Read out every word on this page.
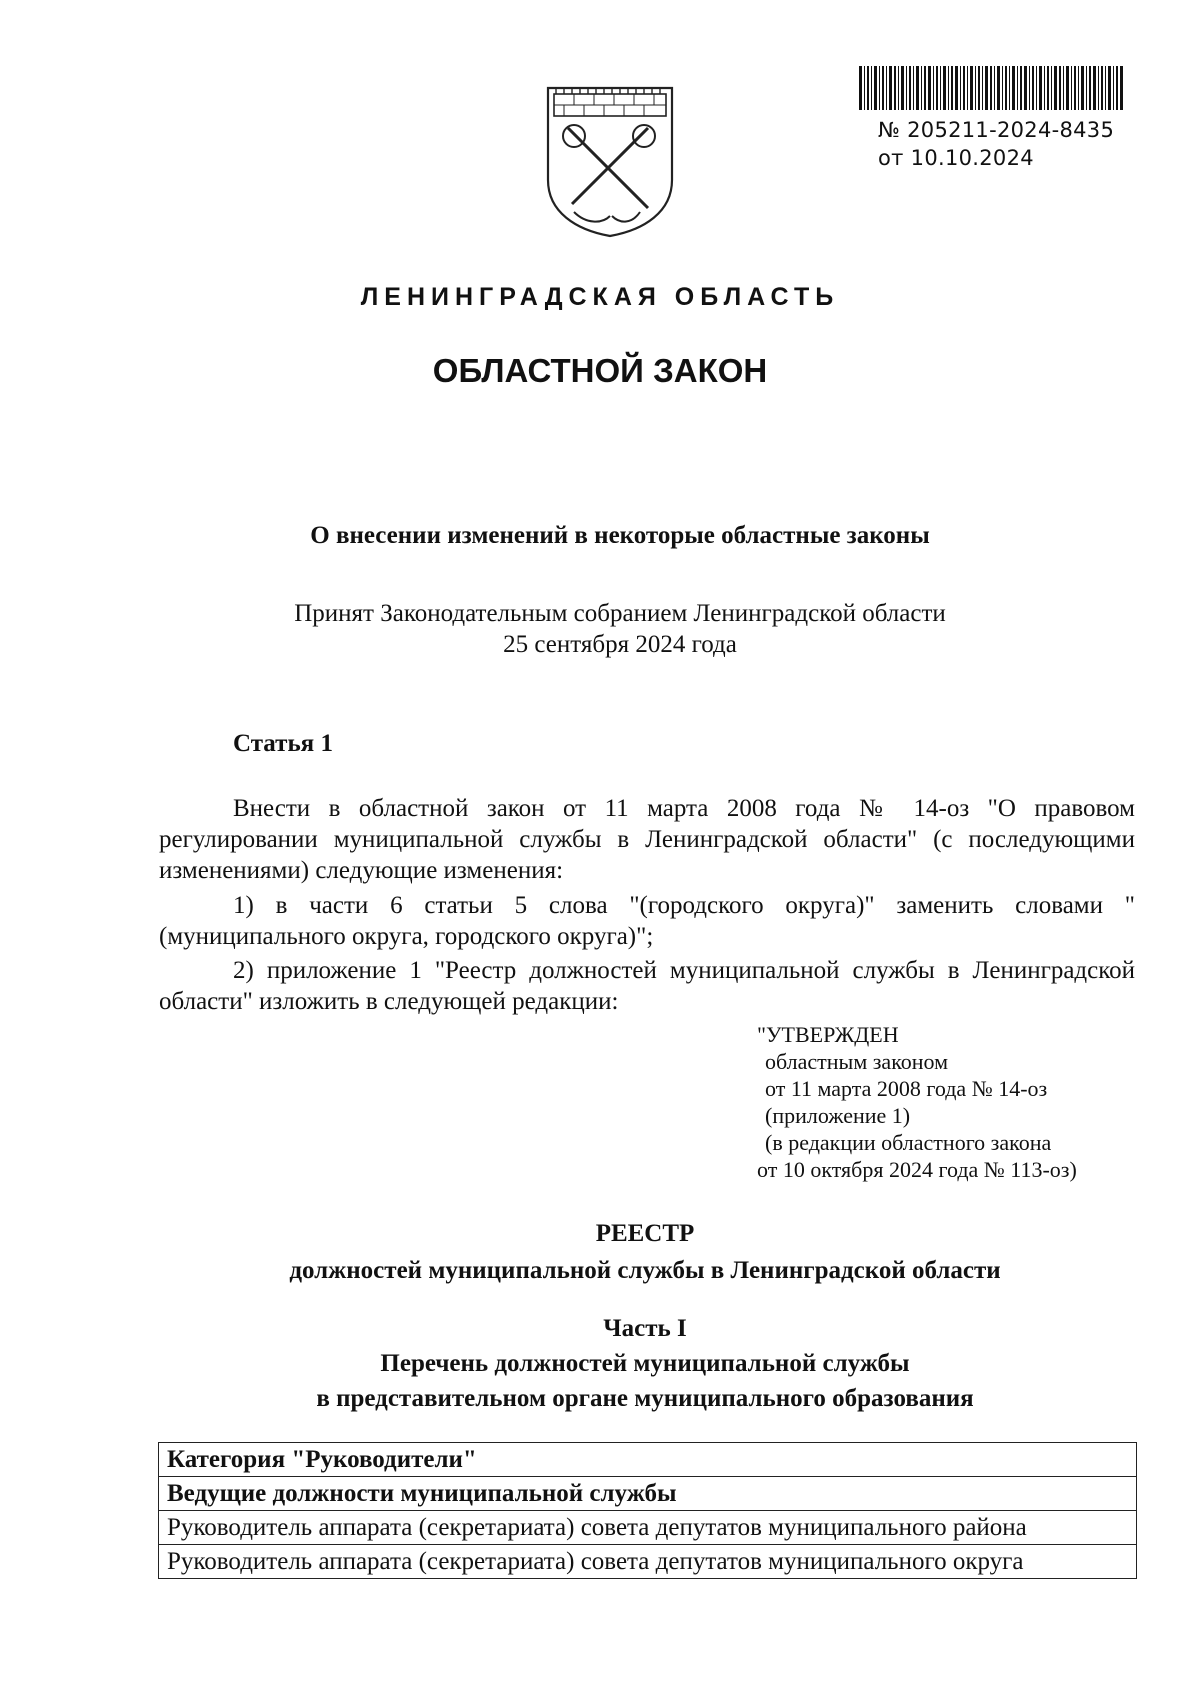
№ 205211-2024-8435
от 10.10.2024
ЛЕНИНГРАДСКАЯ ОБЛАСТЬ
ОБЛАСТНОЙ ЗАКОН
О внесении изменений в некоторые областные законы
Принят Законодательным собранием Ленинградской области
25 сентября 2024 года
Статья 1
Внести в областной закон от 11 марта 2008 года № 14-оз "О правовом регулировании муниципальной службы в Ленинградской области" (с последующими изменениями) следующие изменения:
1) в части 6 статьи 5 слова "(городского округа)" заменить словами "(муниципального округа, городского округа)";
2) приложение 1 "Реестр должностей муниципальной службы в Ленинградской области" изложить в следующей редакции:
"УТВЕРЖДЕН
областным законом
от 11 марта 2008 года № 14-оз
(приложение 1)
(в редакции областного закона
от 10 октября 2024 года № 113-оз)
РЕЕСТР
должностей муниципальной службы в Ленинградской области
Часть I
Перечень должностей муниципальной службы
в представительном органе муниципального образования
Категория "Руководители"
Ведущие должности муниципальной службы
Руководитель аппарата (секретариата) совета депутатов муниципального района
Руководитель аппарата (секретариата) совета депутатов муниципального округа
